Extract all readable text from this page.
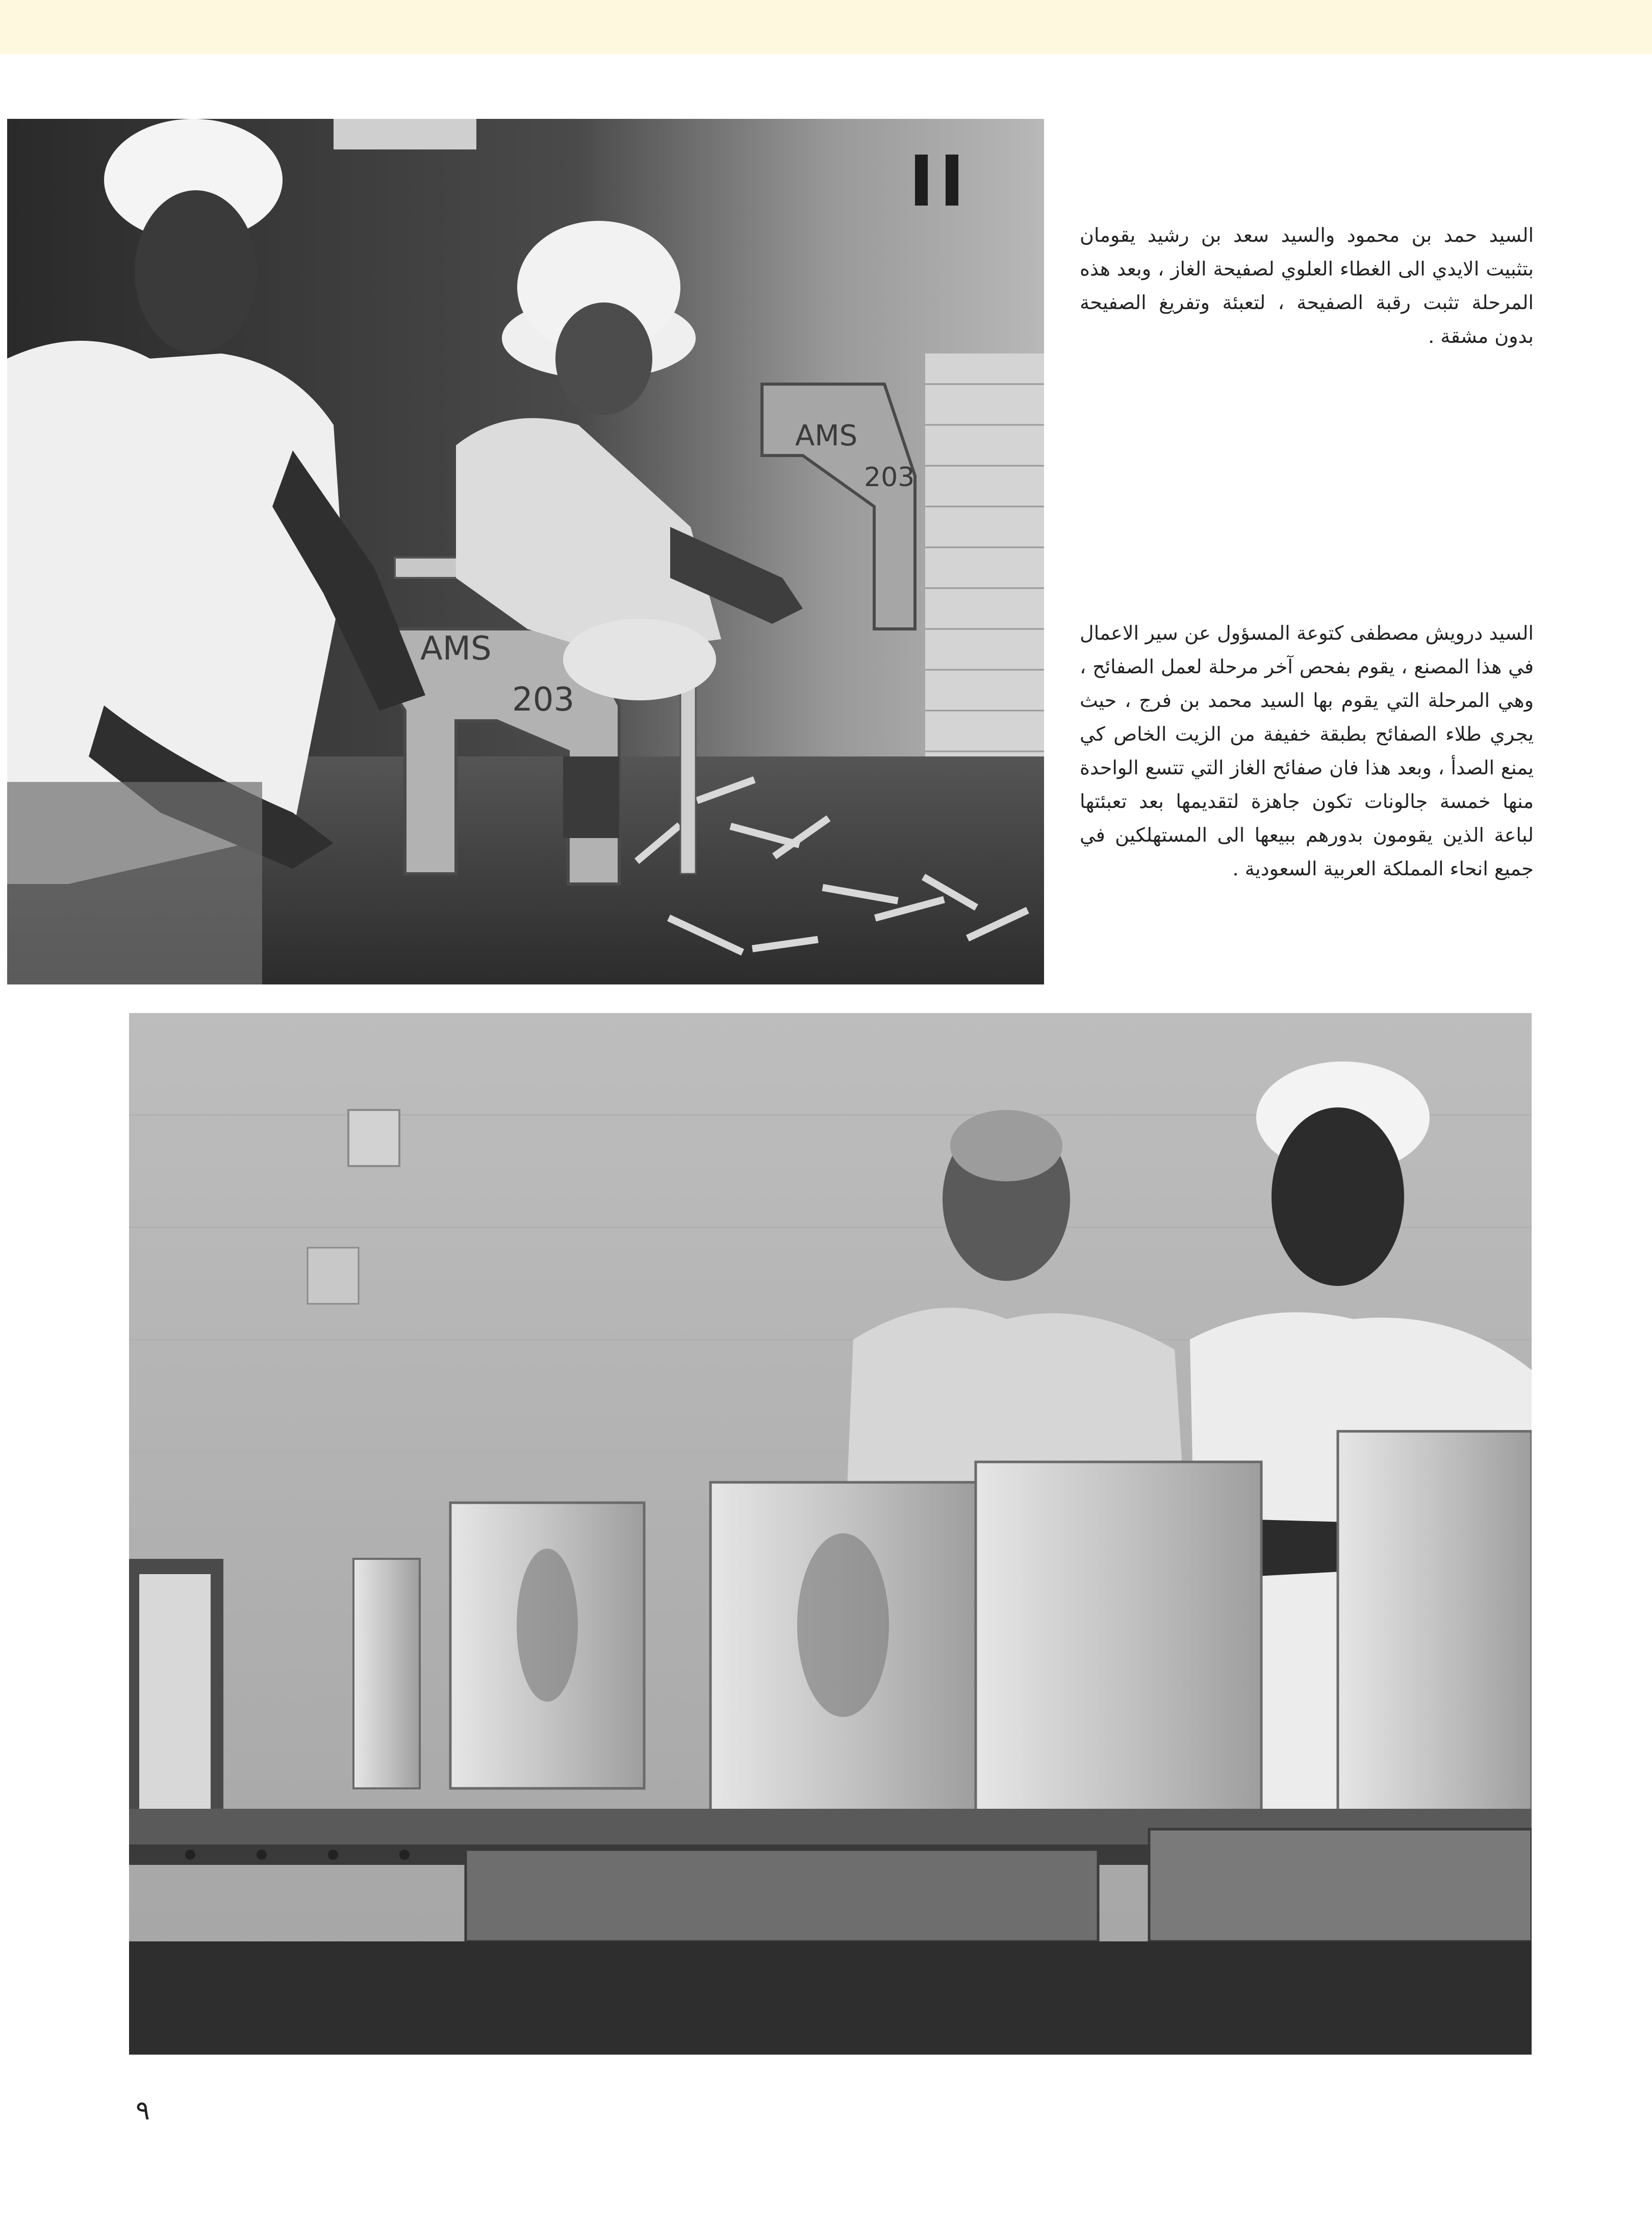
AMS
203
AMS
203

السيد حمد بن محمود والسيد سعد بن رشيد يقومان بتثبيت الايدي الى الغطاء العلوي لصفيحة الغاز ، وبعد هذه المرحلة تثبت رقبة الصفيحة ، لتعبئة وتفريغ الصفيحة بدون مشقة .

السيد درويش مصطفى كتوعة المسؤول عن سير الاعمال في هذا المصنع ، يقوم بفحص آخر مرحلة لعمل الصفائح ، وهي المرحلة التي يقوم بها السيد محمد بن فرج ، حيث يجري طلاء الصفائح بطبقة خفيفة من الزيت الخاص كي يمنع الصدأ ، وبعد هذا فان صفائح الغاز التي تتسع الواحدة منها خمسة جالونات تكون جاهزة لتقديمها بعد تعبئتها لباعة الذين يقومون بدورهم ببيعها الى المستهلكين في جميع انحاء المملكة العربية السعودية .

٩
